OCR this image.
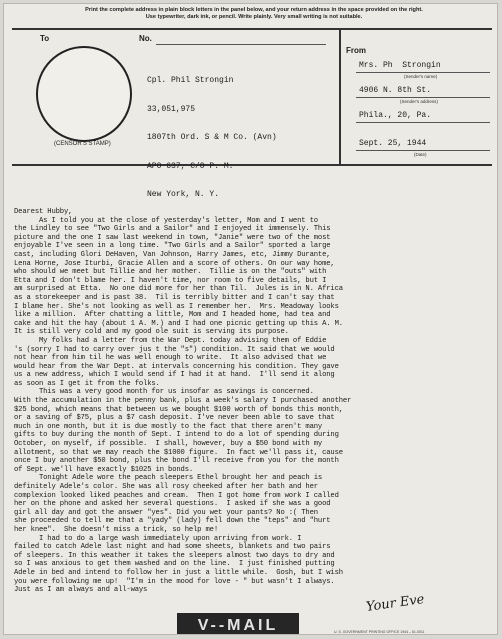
Print the complete address in plain block letters in the panel below, and your return address in the space provided on the right.
Use typewriter, dark ink, or pencil. Write plainly. Very small writing is not suitable.
To	No.
From
(CENSOR'S STAMP)

Cpl. Phil Strongin

33,051,975

1807th Ord. S & M Co. (Avn)

APO 637, C/O P. M.

New York, N. Y.

Mrs. Ph  Strongin
(Sender's name)
4906 N. 8th St.
(Sender's address)
Phila., 20, Pa.
Sept. 25, 1944
(Date)
Dearest Hubby,
As I told you at the close of yesterday's letter, Mom and I went to
the Lindley to see "Two Girls and a Sailor" and I enjoyed it immensely. This
picture and the one I saw last weekend in town, "Janie" were two of the most
enjoyable I've seen in a long time. "Two Girls and a Sailor" sported a large
cast, including Glori DeHaven, Van Johnson, Harry James, etc, Jimmy Durante,
Lena Horne, Jose Iturbi, Gracie Allen and a score of others. On our way home,
who should we meet but Tillie and her mother.  Tillie is on the "outs" with
Etta and I don't blame her. I haven't time, nor room to five details, but I
am surprised at Etta.  No one did more for her than Til.  Jules is in N. Africa
as a storekeeper and is past 38.  Til is terribly bitter and I can't say that
I blame her. She's not looking as well as I remember her.  Mrs. Meadoway looks
like a million.  After chatting a little, Mom and I headed home, had tea and
cake and hit the hay (about 1 A. M.) and I had one picnic getting up this A. M.
It is still very cold and my good ole suit is serving its purpose.
My folks had a letter from the War Dept. today advising them of Eddie
's (sorry I had to carry over jus t the "s") condition. It said that we would
not hear from him til he was well enough to write.  It also advised that we
would hear from the War Dept. at intervals concerning his condition. They gave
us a new address, which I would send if I had it at hand.  I'll send it along
as soon as I get it from the folks.
This was a very good month for us insofar as savings is concerned.
With the accumulation in the penny bank, plus a week's salary I purchased another
$25 bond, which means that between us we bought $100 worth of bonds this month,
or a saving of $75, plus a $7 cash deposit. I've never been able to save that
much in one month, but it is due mostly to the fact that there aren't many
gifts to buy during the month of Sept. I intend to do a lot of spending during
October, on myself, if possible.  I shall, however, buy a $50 bond with my
allotment, so that we may reach the $1000 figure.  In fact we'll pass it, cause
once I buy another $50 bond, plus the bond I'll receive from you for the month
of Sept. we'll have exactly $1025 in bonds.
Tonight Adele wore the peach sleepers Ethel brought her and peach is
definitely Adele's color. She was all rosy cheeked after her bath and her
complexion looked liked peaches and cream.  Then I got home from work I called
her on the phone and asked her several questions.  I asked if she was a good
girl all day and got the answer "yes". Did you wet your pants? No :( Then
she proceeded to tell me that a "yady" (lady) fell down the "teps" and "hurt
her knee".  She doesn't miss a trick, so help me!
I had to do a large wash immediately upon arriving from work. I
failed to catch Adele last night and had some sheets, blankets and two pairs
of sleepers. In this weather it takes the sleepers almost two days to dry and
so I was anxious to get them washed and on the line.  I just finished putting
Adele in bed and intend to follow her in just a little while.  Gosh, but I wish
you were following me up!  "I'm in the mood for love - " but wasn't I always.
Just as I am always and all-ways
Your Eve
V--MAIL	U. S. GOVERNMENT PRINTING OFFICE 1944 – 61-0011
